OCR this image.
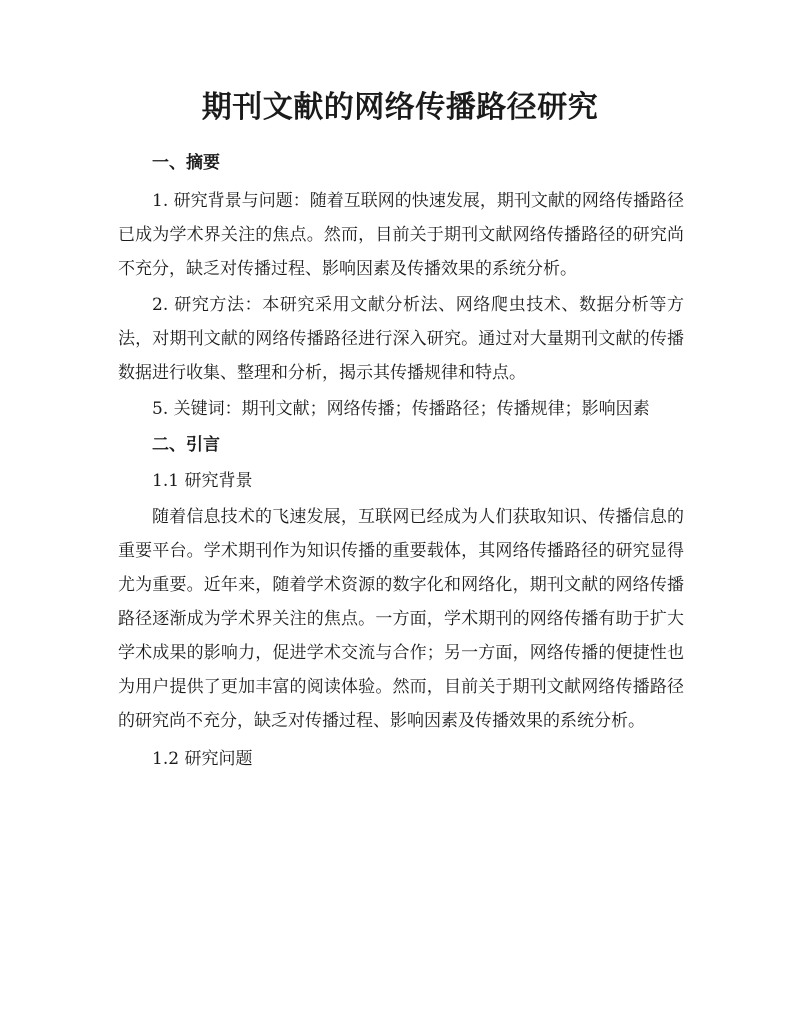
期刊文献的网络传播路径研究
一、摘要

1. 研究背景与问题：随着互联网的快速发展，期刊文献的网络传播路径已成为学术界关注的焦点。然而，目前关于期刊文献网络传播路径的研究尚不充分，缺乏对传播过程、影响因素及传播效果的系统分析。

2. 研究方法：本研究采用文献分析法、网络爬虫技术、数据分析等方法，对期刊文献的网络传播路径进行深入研究。通过对大量期刊文献的传播数据进行收集、整理和分析，揭示其传播规律和特点。

5. 关键词：期刊文献；网络传播；传播路径；传播规律；影响因素

二、引言

1.1 研究背景

随着信息技术的飞速发展，互联网已经成为人们获取知识、传播信息的重要平台。学术期刊作为知识传播的重要载体，其网络传播路径的研究显得尤为重要。近年来，随着学术资源的数字化和网络化，期刊文献的网络传播路径逐渐成为学术界关注的焦点。一方面，学术期刊的网络传播有助于扩大学术成果的影响力，促进学术交流与合作；另一方面，网络传播的便捷性也为用户提供了更加丰富的阅读体验。然而，目前关于期刊文献网络传播路径的研究尚不充分，缺乏对传播过程、影响因素及传播效果的系统分析。

1.2 研究问题
